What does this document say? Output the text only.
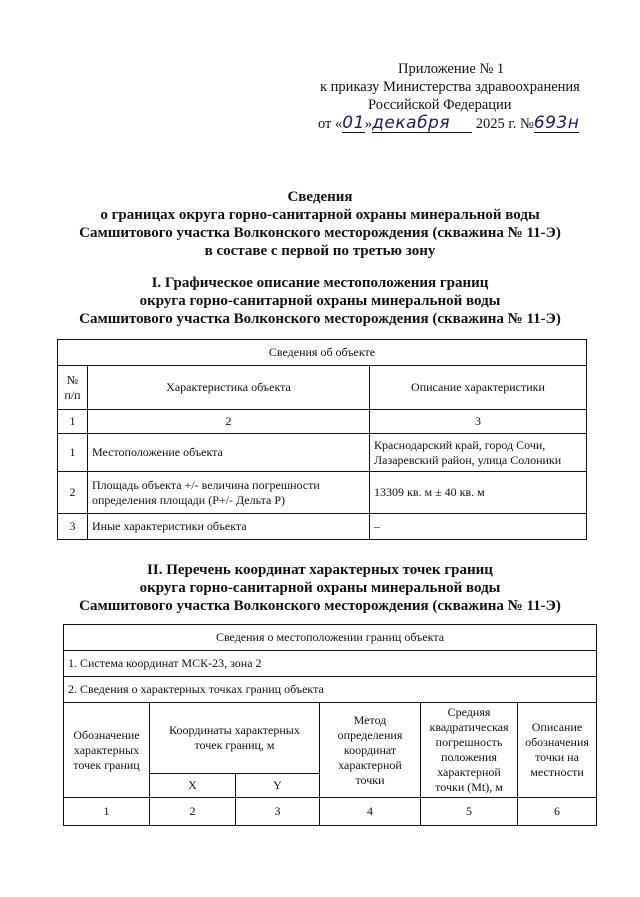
Приложение № 1
к приказу Министерства здравоохранения
Российской Федерации
от «01»декабря 2025 г. №693н
Сведения
о границах округа горно-санитарной охраны минеральной воды
Самшитового участка Волконского месторождения (скважина № 11-Э)
в составе с первой по третью зону
I. Графическое описание местоположения границ
округа горно-санитарной охраны минеральной воды
Самшитового участка Волконского месторождения (скважина № 11-Э)
Сведения об объекте		
№ п/п	Характеристика объекта	Описание характеристики
1	2	3
1	Местоположение объекта	Краснодарский край, город Сочи, Лазаревский район, улица Солоники
2	Площадь объекта +/- величина погрешности определения площади (P+/- Дельта P)	13309 кв. м ± 40 кв. м
3	Иные характеристики объекта	–
II. Перечень координат характерных точек границ
округа горно-санитарной охраны минеральной воды
Самшитового участка Волконского месторождения (скважина № 11-Э)
Сведения о местоположении границ объекта					
1. Система координат МСК-23, зона 2					
2. Сведения о характерных точках границ объекта					
Обозначение характерных точек границ	Координаты характерных точек границ, м		Метод определения координат характерной точки	Средняя квадратическая погрешность положения характерной точки (Mt), м	Описание обозначения точки на местности
	X	Y			
1	2	3	4	5	6
